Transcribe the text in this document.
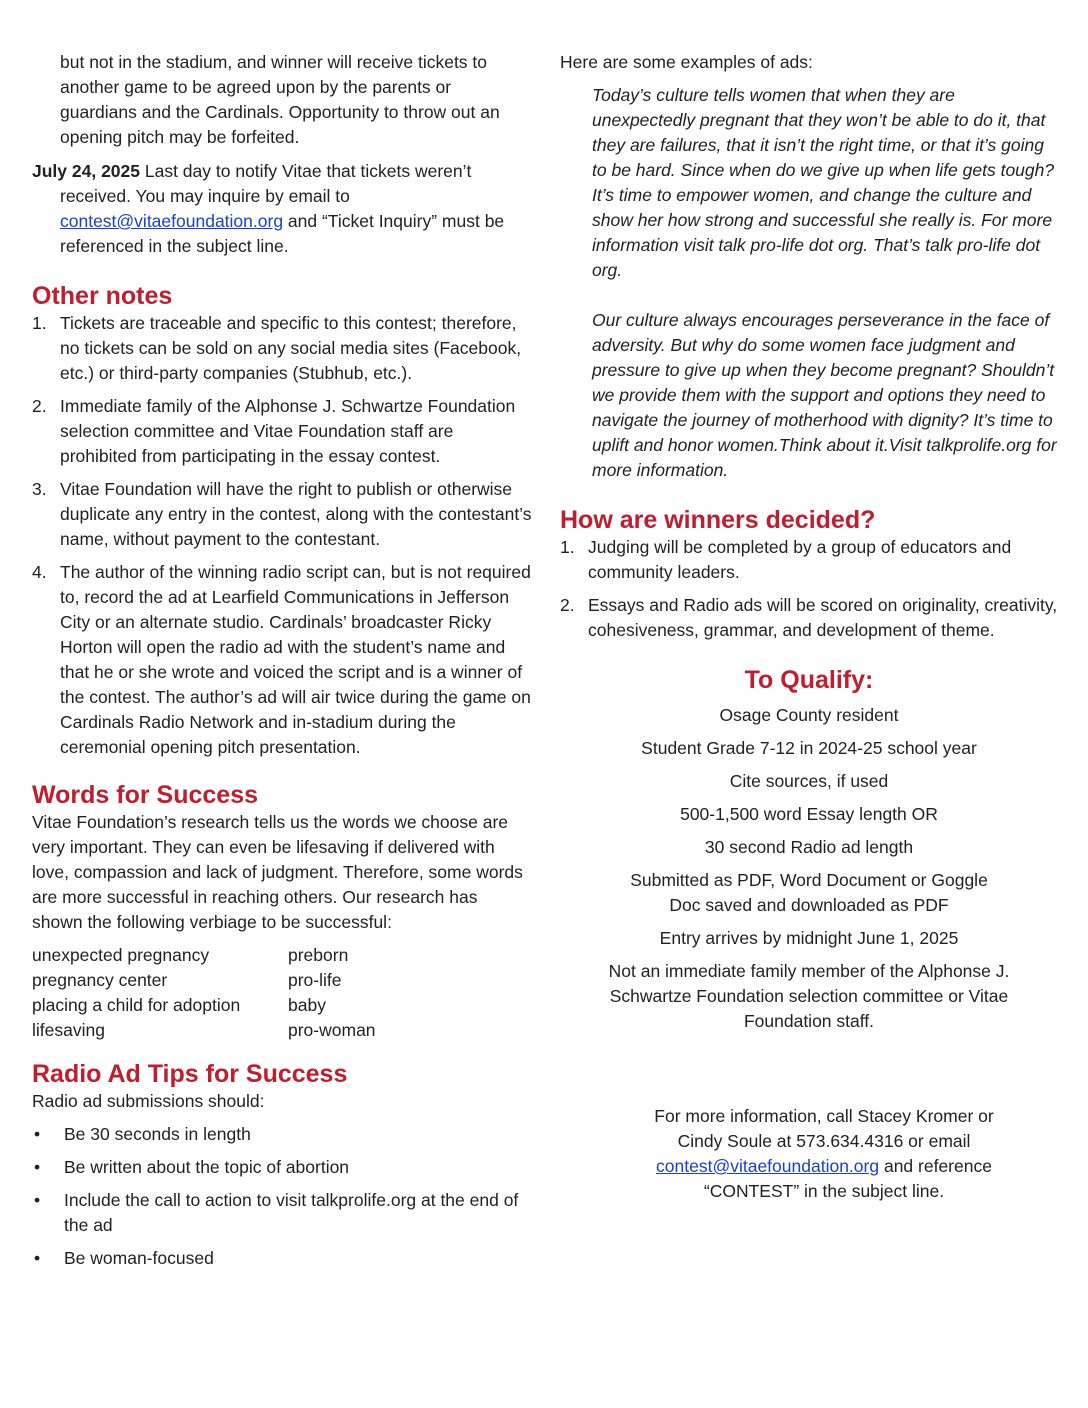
but not in the stadium, and winner will receive tickets to another game to be agreed upon by the parents or guardians and the Cardinals. Opportunity to throw out an opening pitch may be forfeited.

July 24, 2025 Last day to notify Vitae that tickets weren’t received. You may inquire by email to contest@vitaefoundation.org and “Ticket Inquiry” must be referenced in the subject line.

Other notes

1. Tickets are traceable and specific to this contest; therefore, no tickets can be sold on any social media sites (Facebook, etc.) or third-party companies (Stubhub, etc.).
2. Immediate family of the Alphonse J. Schwartze Foundation selection committee and Vitae Foundation staff are prohibited from participating in the essay contest.
3. Vitae Foundation will have the right to publish or otherwise duplicate any entry in the contest, along with the contestant’s name, without payment to the contestant.
4. The author of the winning radio script can, but is not required to, record the ad at Learfield Communications in Jefferson City or an alternate studio. Cardinals’ broadcaster Ricky Horton will open the radio ad with the student’s name and that he or she wrote and voiced the script and is a winner of the contest. The author’s ad will air twice during the game on Cardinals Radio Network and in-stadium during the ceremonial opening pitch presentation.

Words for Success

Vitae Foundation’s research tells us the words we choose are very important. They can even be lifesaving if delivered with love, compassion and lack of judgment. Therefore, some words are more successful in reaching others. Our research has shown the following verbiage to be successful:

unexpected pregnancy	preborn
pregnancy center	pro-life
placing a child for adoption	baby
lifesaving	pro-woman

Radio Ad Tips for Success

Radio ad submissions should:

• Be 30 seconds in length
• Be written about the topic of abortion
• Include the call to action to visit talkprolife.org at the end of the ad
• Be woman-focused

Here are some examples of ads:

Today’s culture tells women that when they are unexpectedly pregnant that they won’t be able to do it, that they are failures, that it isn’t the right time, or that it’s going to be hard. Since when do we give up when life gets tough? It’s time to empower women, and change the culture and show her how strong and successful she really is. For more information visit talk pro-life dot org. That’s talk pro-life dot org.

Our culture always encourages perseverance in the face of adversity. But why do some women face judgment and pressure to give up when they become pregnant? Shouldn’t we provide them with the support and options they need to navigate the journey of motherhood with dignity? It’s time to uplift and honor women.Think about it.Visit talkprolife.org for more information.

How are winners decided?

1. Judging will be completed by a group of educators and community leaders.
2. Essays and Radio ads will be scored on originality, creativity, cohesiveness, grammar, and development of theme.

To Qualify:

Osage County resident

Student Grade 7-12 in 2024-25 school year

Cite sources, if used

500-1,500 word Essay length OR

30 second Radio ad length

Submitted as PDF, Word Document or Goggle Doc saved and downloaded as PDF

Entry arrives by midnight June 1, 2025

Not an immediate family member of the Alphonse J. Schwartze Foundation selection committee or Vitae Foundation staff.

For more information, call Stacey Kromer or Cindy Soule at 573.634.4316 or email contest@vitaefoundation.org and reference “CONTEST” in the subject line.
